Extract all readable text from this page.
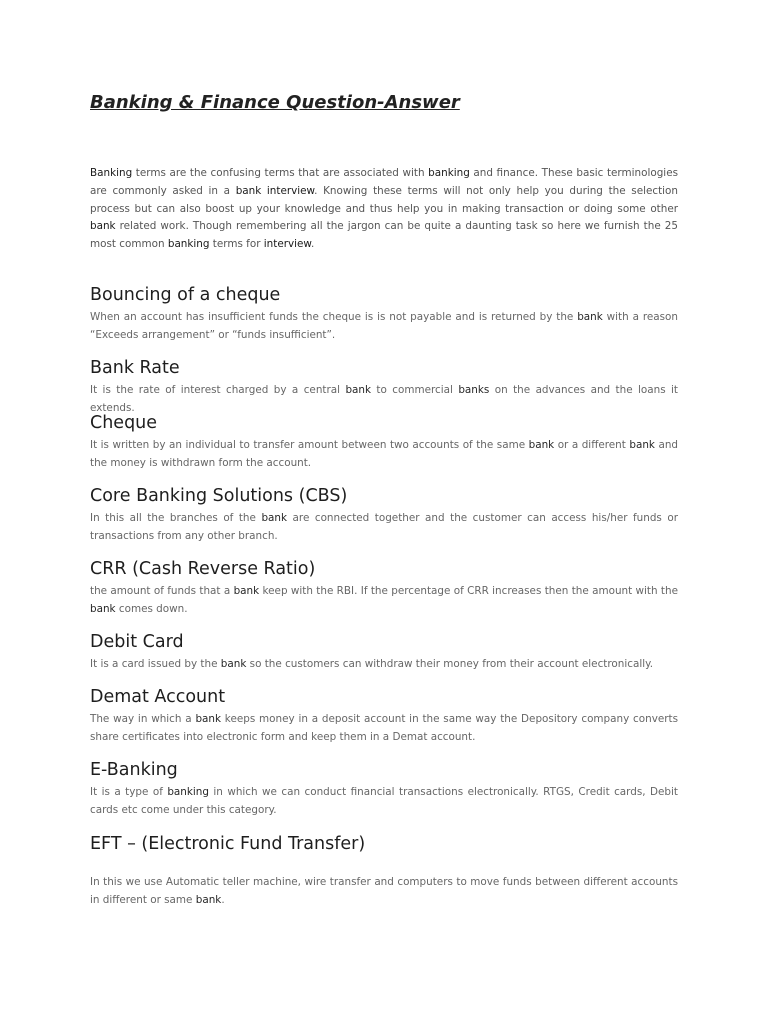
Banking & Finance Question-Answer

Banking terms are the confusing terms that are associated with banking and finance. These basic terminologies are commonly asked in a bank interview. Knowing these terms will not only help you during the selection process but can also boost up your knowledge and thus help you in making transaction or doing some other bank related work. Though remembering all the jargon can be quite a daunting task so here we furnish the 25 most common banking terms for interview.

Bouncing of a cheque

When an account has insufficient funds the cheque is is not payable and is returned by the bank with a reason “Exceeds arrangement” or “funds insufficient”.

Bank Rate

It is the rate of interest charged by a central bank to commercial banks on the advances and the loans it extends.

Cheque

It is written by an individual to transfer amount between two accounts of the same bank or a different bank and the money is withdrawn form the account.

Core Banking Solutions (CBS)

In this all the branches of the bank are connected together and the customer can access his/her funds or transactions from any other branch.

CRR (Cash Reverse Ratio)

the amount of funds that a bank keep with the RBI. If the percentage of CRR increases then the amount with the bank comes down.

Debit Card

It is a card issued by the bank so the customers can withdraw their money from their account electronically.

Demat Account

The way in which a bank keeps money in a deposit account in the same way the Depository company converts share certificates into electronic form and keep them in a Demat account.

E-Banking

It is a type of banking in which we can conduct financial transactions electronically. RTGS, Credit cards, Debit cards etc come under this category.

EFT – (Electronic Fund Transfer)

In this we use Automatic teller machine, wire transfer and computers to move funds between different accounts in different or same bank.
